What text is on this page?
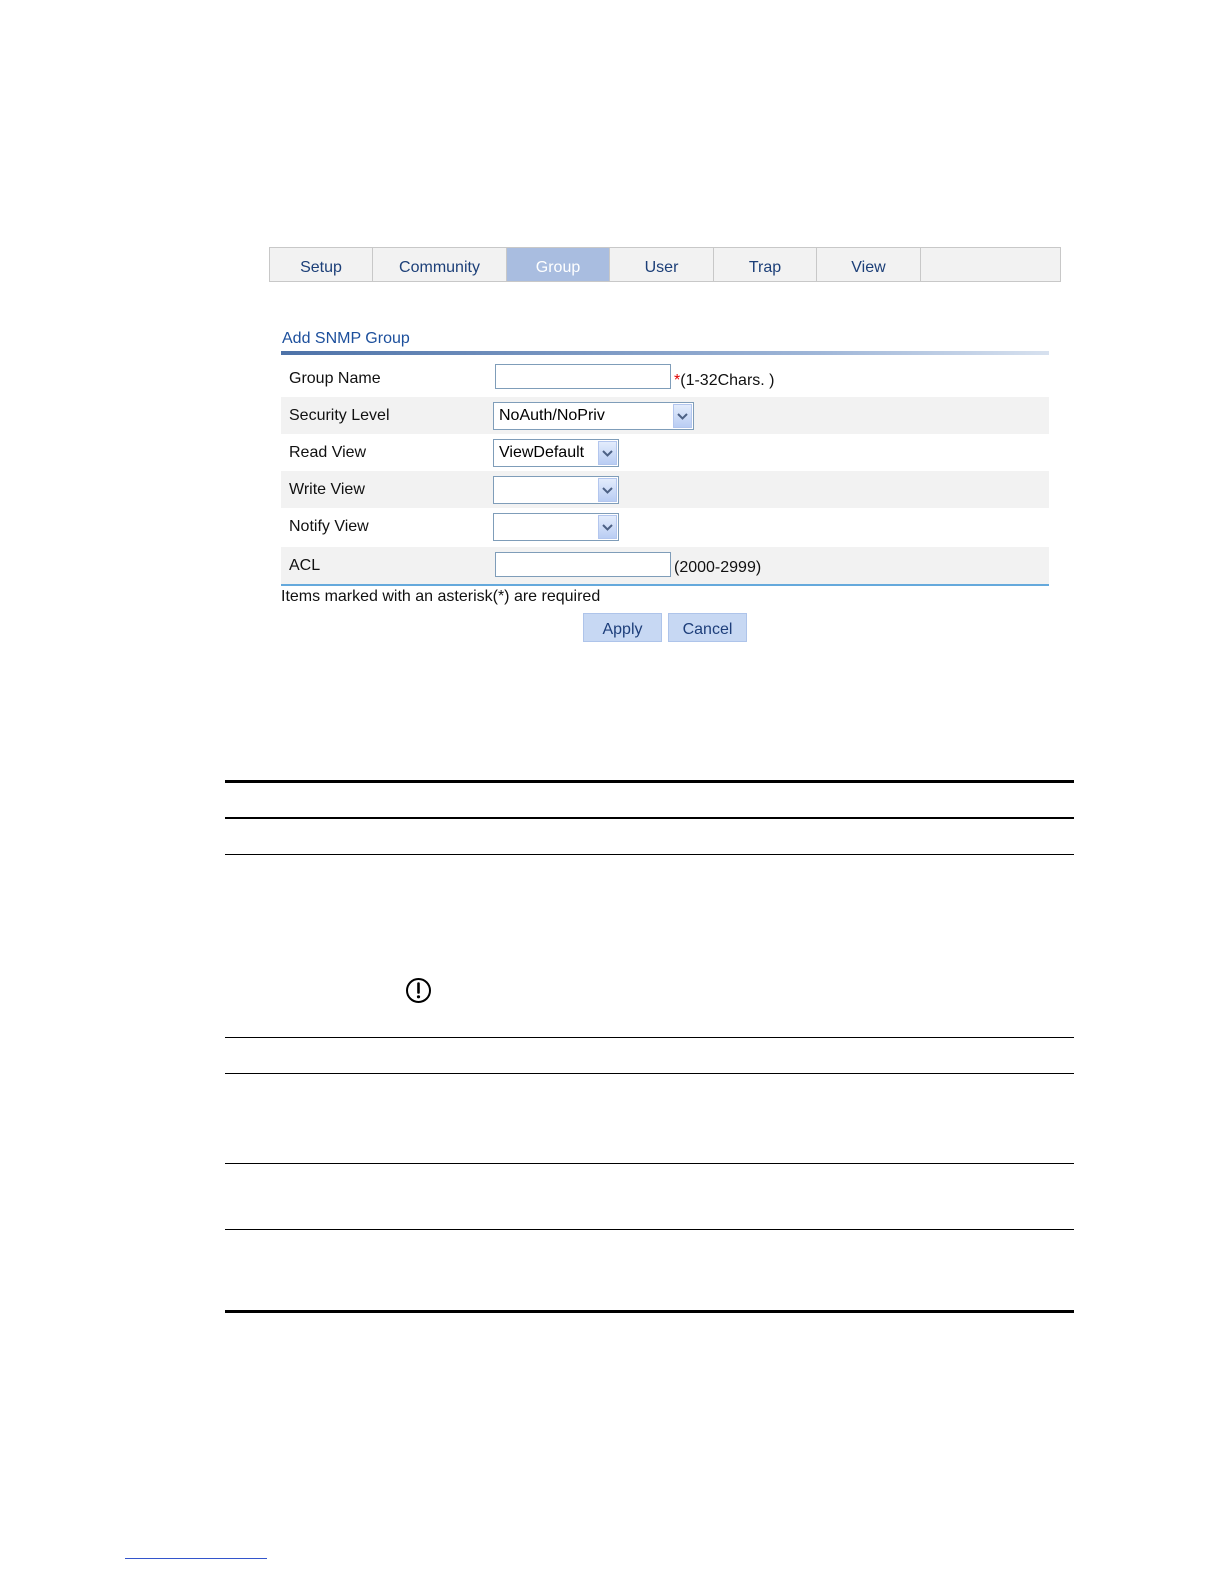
Setup	Community	Group	User	Trap	View
Add SNMP Group
Group Name	*(1-32Chars. )
Security Level	NoAuth/NoPriv
Read View	ViewDefault
Write View
Notify View
ACL	(2000-2999)
Items marked with an asterisk(*) are required
Apply	Cancel
